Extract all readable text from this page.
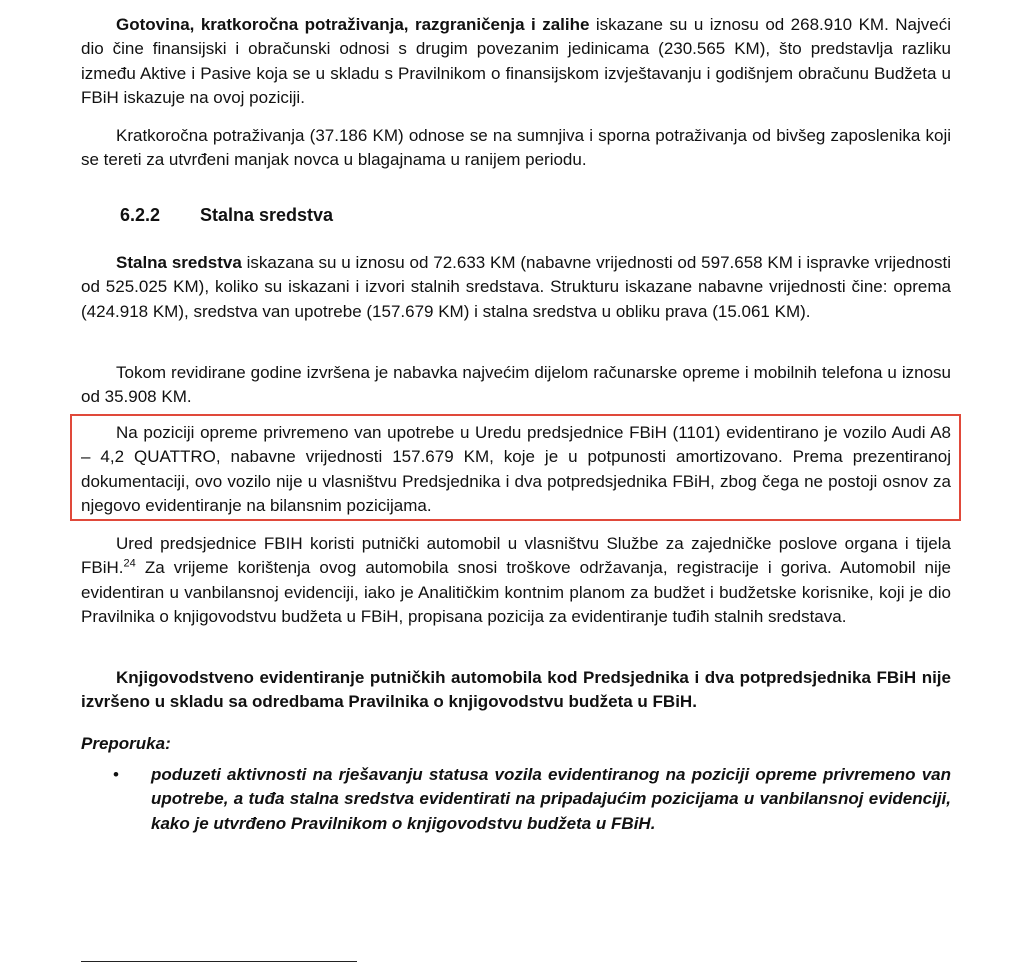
Gotovina, kratkoročna potraživanja, razgraničenja i zalihe iskazane su u iznosu od 268.910 KM. Najveći dio čine finansijski i obračunski odnosi s drugim povezanim jedinicama (230.565 KM), što predstavlja razliku između Aktive i Pasive koja se u skladu s Pravilnikom o finansijskom izvještavanju i godišnjem obračunu Budžeta u FBiH iskazuje na ovoj poziciji.

Kratkoročna potraživanja (37.186 KM) odnose se na sumnjiva i sporna potraživanja od bivšeg zaposlenika koji se tereti za utvrđeni manjak novca u blagajnama u ranijem periodu.

6.2.2 Stalna sredstva

Stalna sredstva iskazana su u iznosu od 72.633 KM (nabavne vrijednosti od 597.658 KM i ispravke vrijednosti od 525.025 KM), koliko su iskazani i izvori stalnih sredstava. Strukturu iskazane nabavne vrijednosti čine: oprema (424.918 KM), sredstva van upotrebe (157.679 KM) i stalna sredstva u obliku prava (15.061 KM).

Tokom revidirane godine izvršena je nabavka najvećim dijelom računarske opreme i mobilnih telefona u iznosu od 35.908 KM.

Na poziciji opreme privremeno van upotrebe u Uredu predsjednice FBiH (1101) evidentirano je vozilo Audi A8 – 4,2 QUATTRO, nabavne vrijednosti 157.679 KM, koje je u potpunosti amortizovano. Prema prezentiranoj dokumentaciji, ovo vozilo nije u vlasništvu Predsjednika i dva potpredsjednika FBiH, zbog čega ne postoji osnov za njegovo evidentiranje na bilansnim pozicijama.

Ured predsjednice FBIH koristi putnički automobil u vlasništvu Službe za zajedničke poslove organa i tijela FBiH.$^{24}$ Za vrijeme korištenja ovog automobila snosi troškove održavanja, registracije i goriva. Automobil nije evidentiran u vanbilansnoj evidenciji, iako je Analitičkim kontnim planom za budžet i budžetske korisnike, koji je dio Pravilnika o knjigovodstvu budžeta u FBiH, propisana pozicija za evidentiranje tuđih stalnih sredstava.

Knjigovodstveno evidentiranje putničkih automobila kod Predsjednika i dva potpredsjednika FBiH nije izvršeno u skladu sa odredbama Pravilnika o knjigovodstvu budžeta u FBiH.

Preporuka:
• poduzeti aktivnosti na rješavanju statusa vozila evidentiranog na poziciji opreme privremeno van upotrebe, a tuđa stalna sredstva evidentirati na pripadajućim pozicijama u vanbilansnoj evidenciji, kako je utvrđeno Pravilnikom o knjigovodstvu budžeta u FBiH.
